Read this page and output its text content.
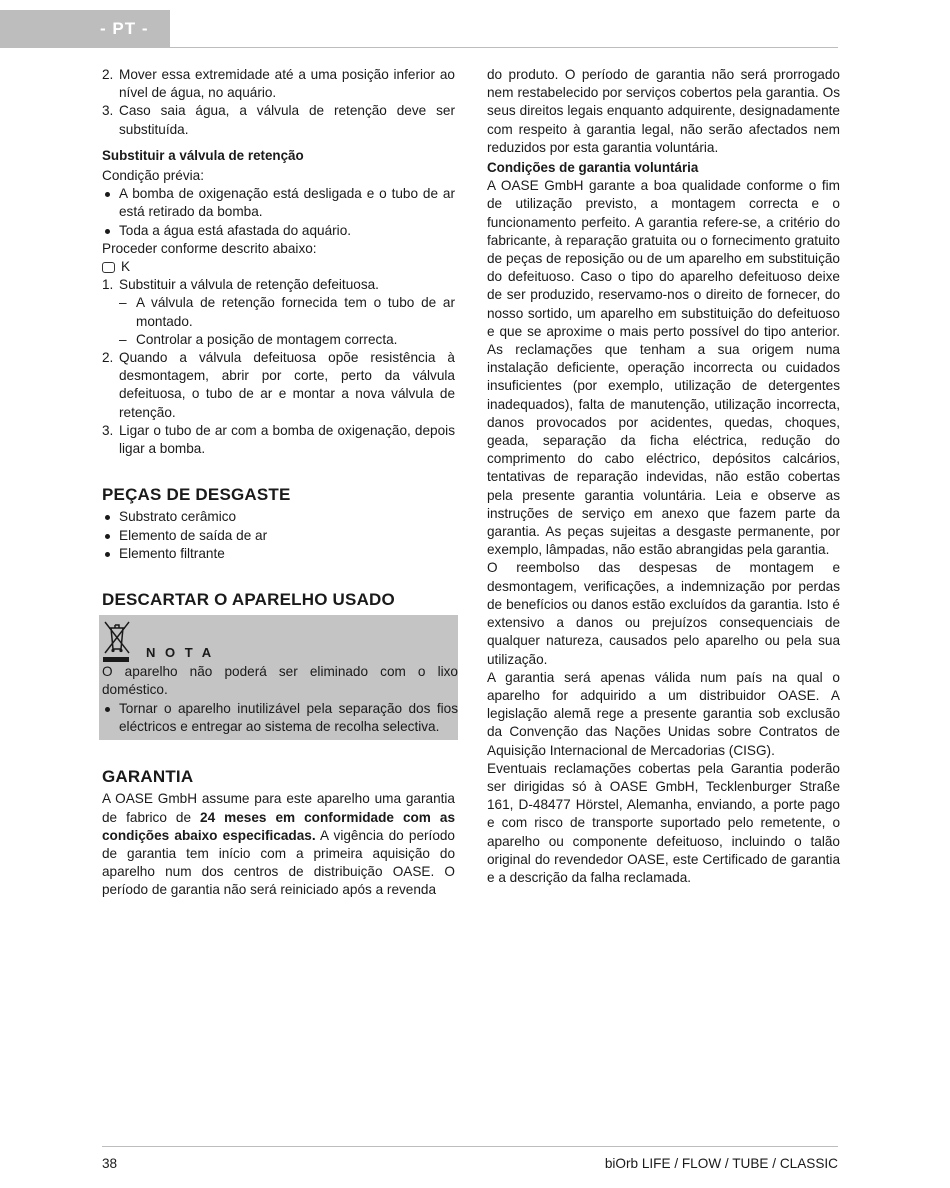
- PT -
2. Mover essa extremidade até a uma posição inferior ao nível de água, no aquário.
3. Caso saia água, a válvula de retenção deve ser substituída.
Substituir a válvula de retenção

Condição prévia:

A bomba de oxigenação está desligada e o tubo de ar está retirado da bomba.
Toda a água está afastada do aquário.

Proceder conforme descrito abaixo:

K
1. Substituir a válvula de retenção defeituosa.
– A válvula de retenção fornecida tem o tubo de ar montado.
– Controlar a posição de montagem correcta.
2. Quando a válvula defeituosa opõe resistência à desmontagem, abrir por corte, perto da válvula defeituosa, o tubo de ar e montar a nova válvula de retenção.
3. Ligar o tubo de ar com a bomba de oxigenação, depois ligar a bomba.
PEÇAS DE DESGASTE
Substrato cerâmico
Elemento de saída de ar
Elemento filtrante
DESCARTAR O APARELHO USADO
N O T A

O aparelho não poderá ser eliminado com o lixo doméstico.

Tornar o aparelho inutilizável pela separação dos fios eléctricos e entregar ao sistema de recolha selectiva.
GARANTIA

A OASE GmbH assume para este aparelho uma garantia de fabrico de 24 meses em conformidade com as condições abaixo especificadas. A vigência do período de garantia tem início com a primeira aquisição do aparelho num dos centros de distribuição OASE. O período de garantia não será reiniciado após a revenda

do produto. O período de garantia não será prorrogado nem restabelecido por serviços cobertos pela garantia. Os seus direitos legais enquanto adquirente, designadamente com respeito à garantia legal, não serão afectados nem reduzidos por esta garantia voluntária.

Condições de garantia voluntária

A OASE GmbH garante a boa qualidade conforme o fim de utilização previsto, a montagem correcta e o funcionamento perfeito. A garantia refere-se, a critério do fabricante, à reparação gratuita ou o fornecimento gratuito de peças de reposição ou de um aparelho em substituição do defeituoso. Caso o tipo do aparelho defeituoso deixe de ser produzido, reservamo-nos o direito de fornecer, do nosso sortido, um aparelho em substituição do defeituoso e que se aproxime o mais perto possível do tipo anterior. As reclamações que tenham a sua origem numa instalação deficiente, operação incorrecta ou cuidados insuficientes (por exemplo, utilização de detergentes inadequados), falta de manutenção, utilização incorrecta, danos provocados por acidentes, quedas, choques, geada, separação da ficha eléctrica, redução do comprimento do cabo eléctrico, depósitos calcários, tentativas de reparação indevidas, não estão cobertas pela presente garantia voluntária. Leia e observe as instruções de serviço em anexo que fazem parte da garantia. As peças sujeitas a desgaste permanente, por exemplo, lâmpadas, não estão abrangidas pela garantia.

O reembolso das despesas de montagem e desmontagem, verificações, a indemnização por perdas de benefícios ou danos estão excluídos da garantia. Isto é extensivo a danos ou prejuízos consequenciais de qualquer natureza, causados pelo aparelho ou pela sua utilização.

A garantia será apenas válida num país na qual o aparelho for adquirido a um distribuidor OASE. A legislação alemã rege a presente garantia sob exclusão da Convenção das Nações Unidas sobre Contratos de Aquisição Internacional de Mercadorias (CISG).

Eventuais reclamações cobertas pela Garantia poderão ser dirigidas só à OASE GmbH, Tecklenburger Straße 161, D-48477 Hörstel, Alemanha, enviando, a porte pago e com risco de transporte suportado pelo remetente, o aparelho ou componente defeituoso, incluindo o talão original do revendedor OASE, este Certificado de garantia e a descrição da falha reclamada.

38	biOrb LIFE / FLOW / TUBE / CLASSIC
